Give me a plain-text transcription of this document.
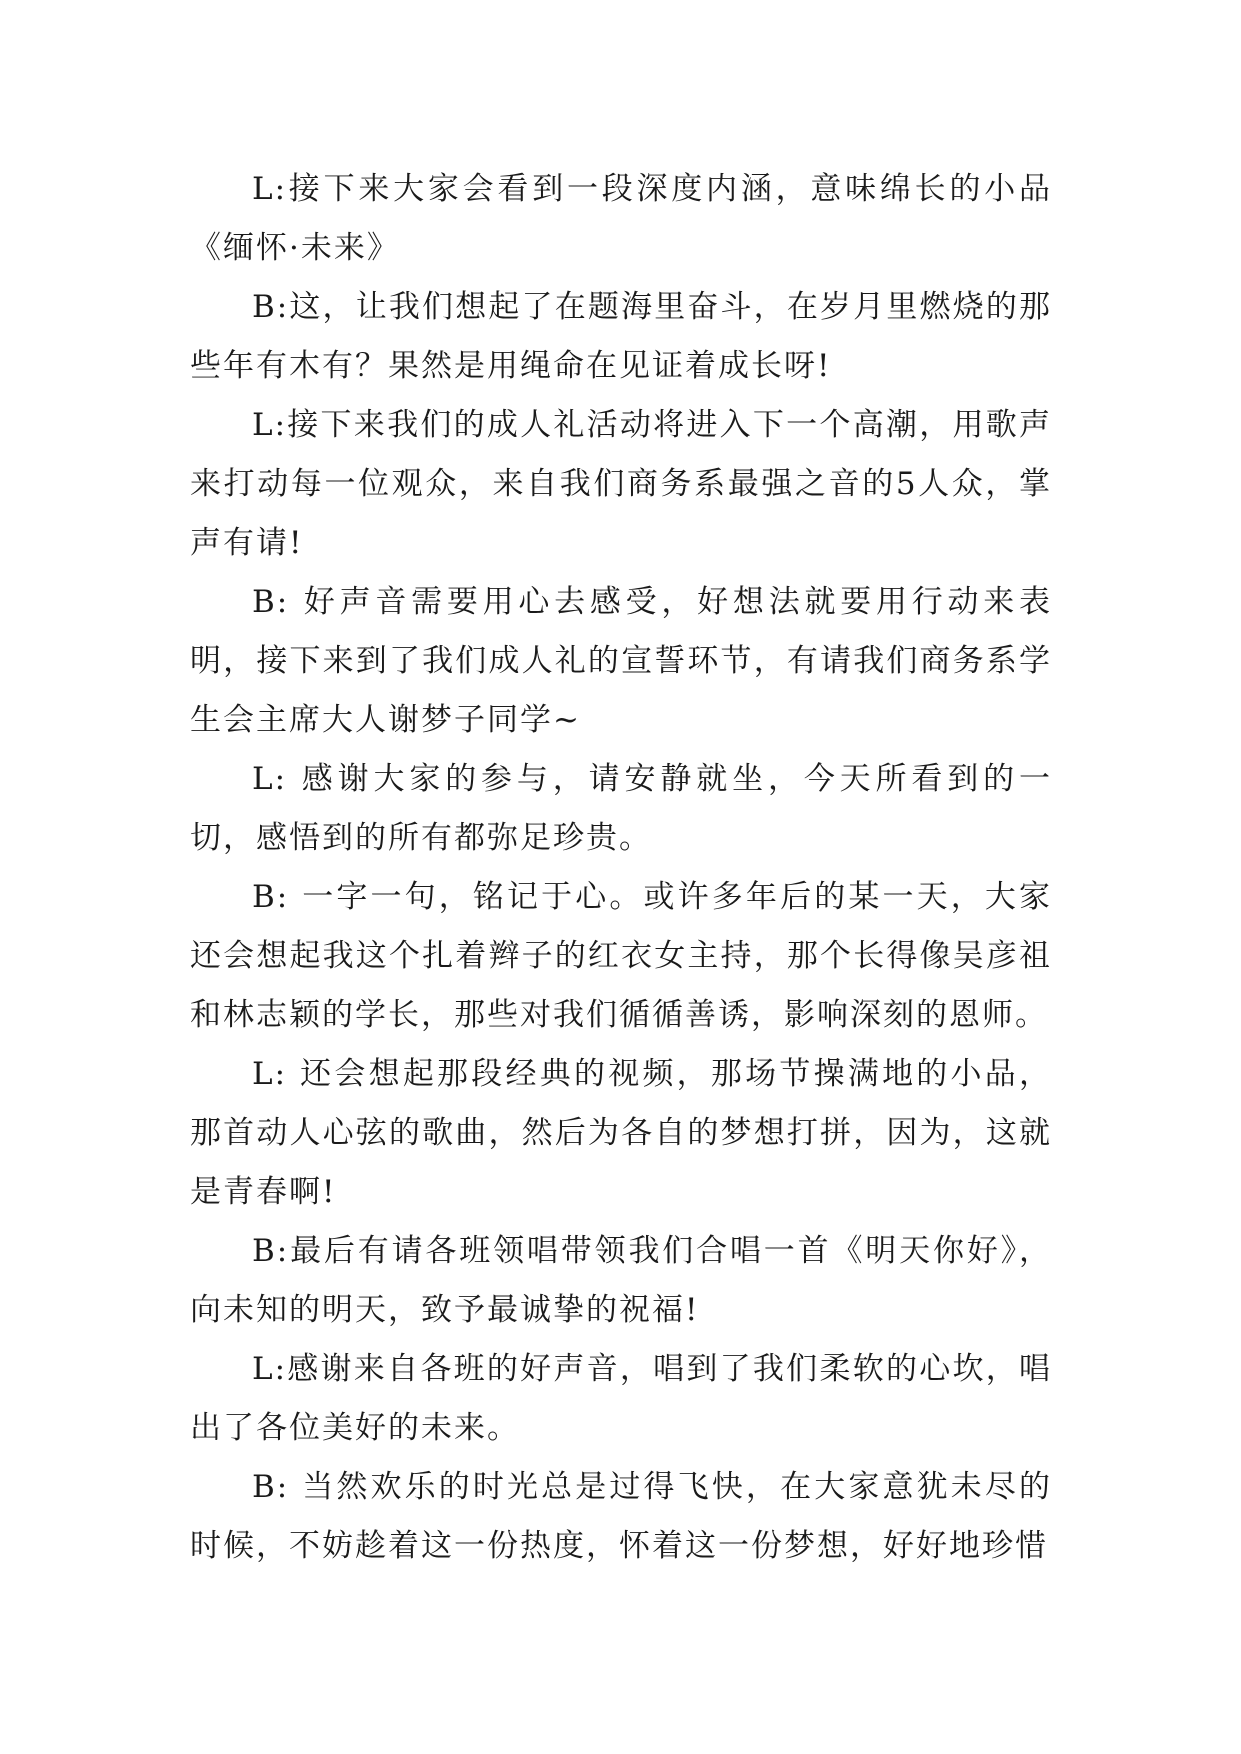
L:接下来大家会看到一段深度内涵，意味绵长的小品《缅怀·未来》

B:这，让我们想起了在题海里奋斗，在岁月里燃烧的那些年有木有？果然是用绳命在见证着成长呀!

L:接下来我们的成人礼活动将进入下一个高潮，用歌声来打动每一位观众，来自我们商务系最强之音的5人众，掌声有请!

B: 好声音需要用心去感受，好想法就要用行动来表明，接下来到了我们成人礼的宣誓环节，有请我们商务系学生会主席大人谢梦子同学~

L: 感谢大家的参与，请安静就坐，今天所看到的一切，感悟到的所有都弥足珍贵。

B: 一字一句，铭记于心。或许多年后的某一天，大家还会想起我这个扎着辫子的红衣女主持，那个长得像吴彦祖和林志颖的学长，那些对我们循循善诱，影响深刻的恩师。

L: 还会想起那段经典的视频，那场节操满地的小品，那首动人心弦的歌曲，然后为各自的梦想打拼，因为，这就是青春啊!

B:最后有请各班领唱带领我们合唱一首《明天你好》，向未知的明天，致予最诚挚的祝福!

L:感谢来自各班的好声音，唱到了我们柔软的心坎，唱出了各位美好的未来。

B: 当然欢乐的时光总是过得飞快，在大家意犹未尽的时候，不妨趁着这一份热度，怀着这一份梦想，好好地珍惜
